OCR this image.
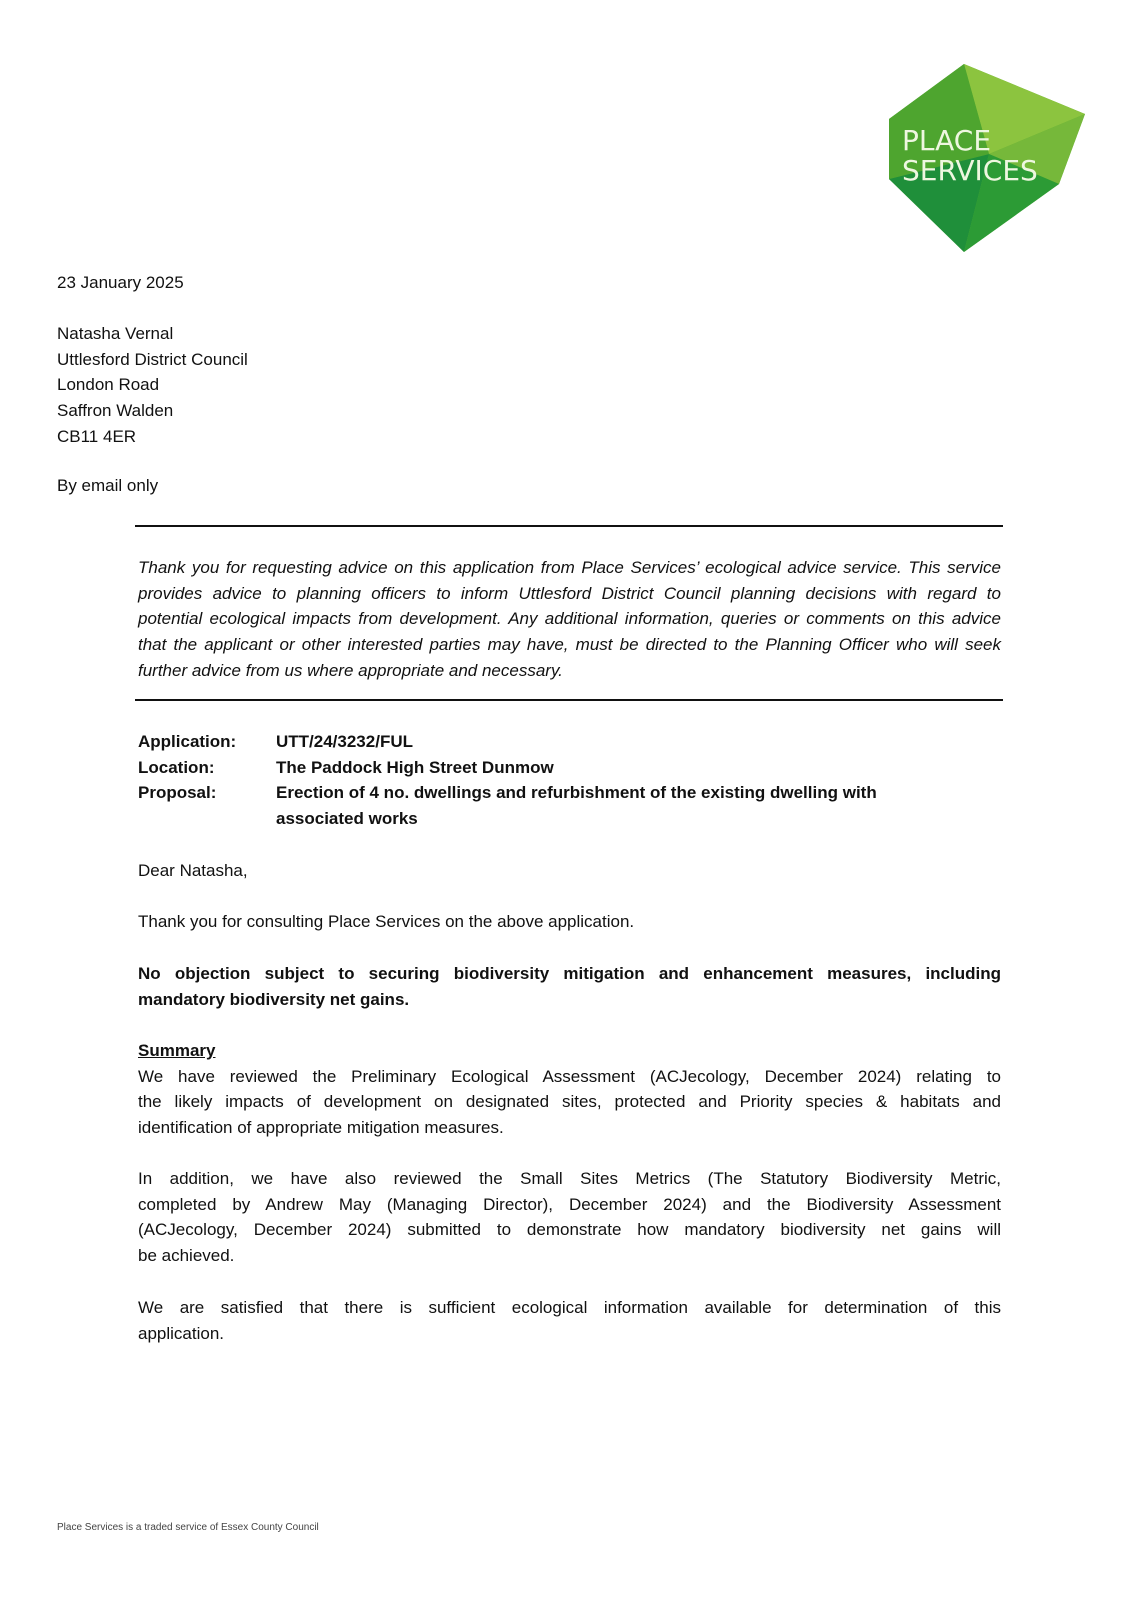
PLACE
SERVICES
23 January 2025
Natasha Vernal
Uttlesford District Council
London Road
Saffron Walden
CB11 4ER
By email only
Thank you for requesting advice on this application from Place Services’ ecological advice service. This service
provides advice to planning officers to inform Uttlesford District Council planning decisions with regard to
potential ecological impacts from development. Any additional information, queries or comments on this advice
that the applicant or other interested parties may have, must be directed to the Planning Officer who will seek
further advice from us where appropriate and necessary.
Application: UTT/24/3232/FUL
Location:	The Paddock High Street Dunmow
Proposal:	Erection of 4 no. dwellings and refurbishment of the existing dwelling with
associated works
Dear Natasha,
Thank you for consulting Place Services on the above application.
No objection subject to securing biodiversity mitigation and enhancement measures, including
mandatory biodiversity net gains.
Summary
We have reviewed the Preliminary Ecological Assessment (ACJecology, December 2024) relating to
the likely impacts of development on designated sites, protected and Priority species & habitats and
identification of appropriate mitigation measures.
In addition, we have also reviewed the Small Sites Metrics (The Statutory Biodiversity Metric,
completed by Andrew May (Managing Director), December 2024) and the Biodiversity Assessment
(ACJecology, December 2024) submitted to demonstrate how mandatory biodiversity net gains will
be achieved.
We are satisfied that there is sufficient ecological information available for determination of this
application.
Place Services is a traded service of Essex County Council
